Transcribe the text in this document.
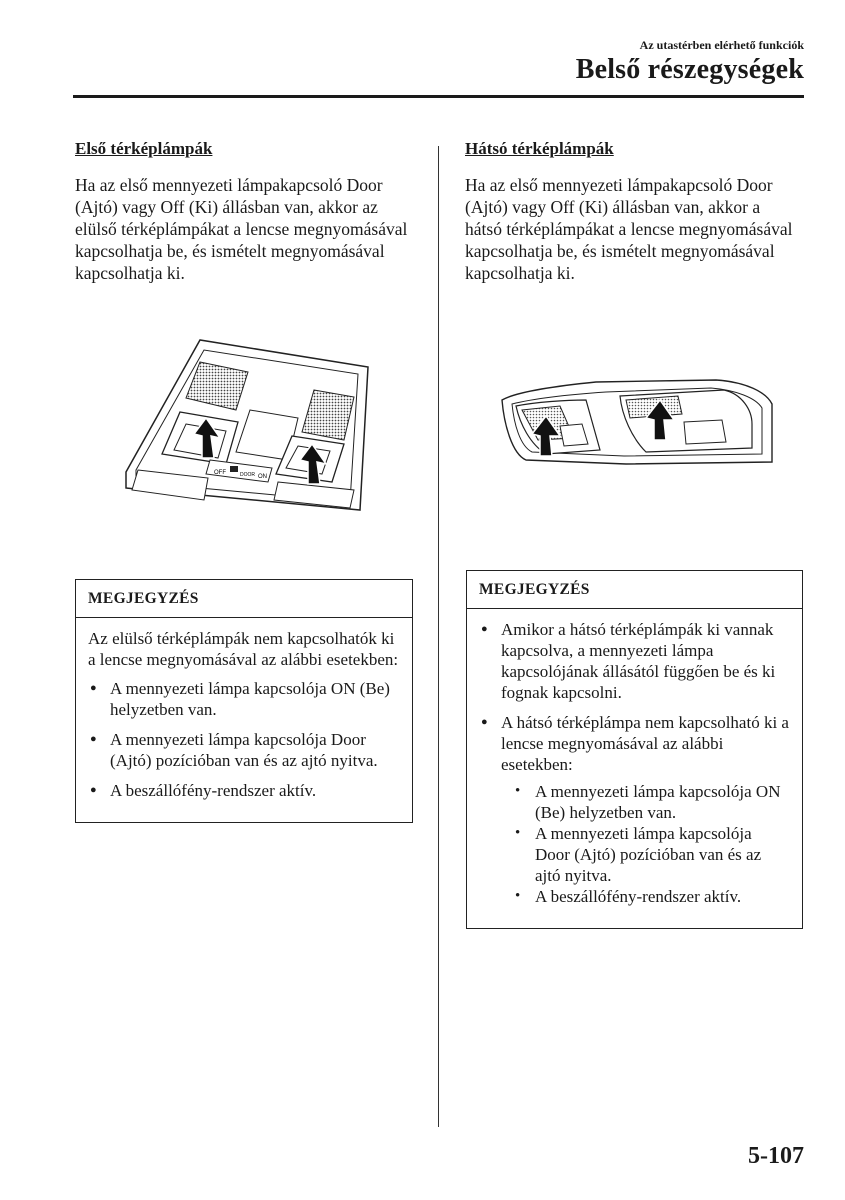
Az utastérben elérhető funkciók
Belső részegységek
Első térképlámpák

Ha az első mennyezeti lámpakapcsoló Door (Ajtó) vagy Off (Ki) állásban van, akkor az elülső térképlámpákat a lencse megnyomásával kapcsolhatja be, és ismételt megnyomásával kapcsolhatja ki.

Hátsó térképlámpák

Ha az első mennyezeti lámpakapcsoló Door (Ajtó) vagy Off (Ki) állásban van, akkor a hátsó térképlámpákat a lencse megnyomásával kapcsolhatja be, és ismételt megnyomásával kapcsolhatja ki.

OFF	DOOR ON
MEGJEGYZÉS

Az elülső térképlámpák nem kapcsolhatók ki a lencse megnyomásával az alábbi esetekben:

● A mennyezeti lámpa kapcsolója ON (Be) helyzetben van.
● A mennyezeti lámpa kapcsolója Door (Ajtó) pozícióban van és az ajtó nyitva.
● A beszállófény-rendszer aktív.
MEGJEGYZÉS
● Amikor a hátsó térképlámpák ki vannak kapcsolva, a mennyezeti lámpa kapcsolójának állásától függően be és ki fognak kapcsolni.
● A hátsó térképlámpa nem kapcsolható ki a lencse megnyomásával az alábbi esetekben:
• A mennyezeti lámpa kapcsolója ON (Be) helyzetben van.
• A mennyezeti lámpa kapcsolója Door (Ajtó) pozícióban van és az ajtó nyitva.
• A beszállófény-rendszer aktív.
5-107
